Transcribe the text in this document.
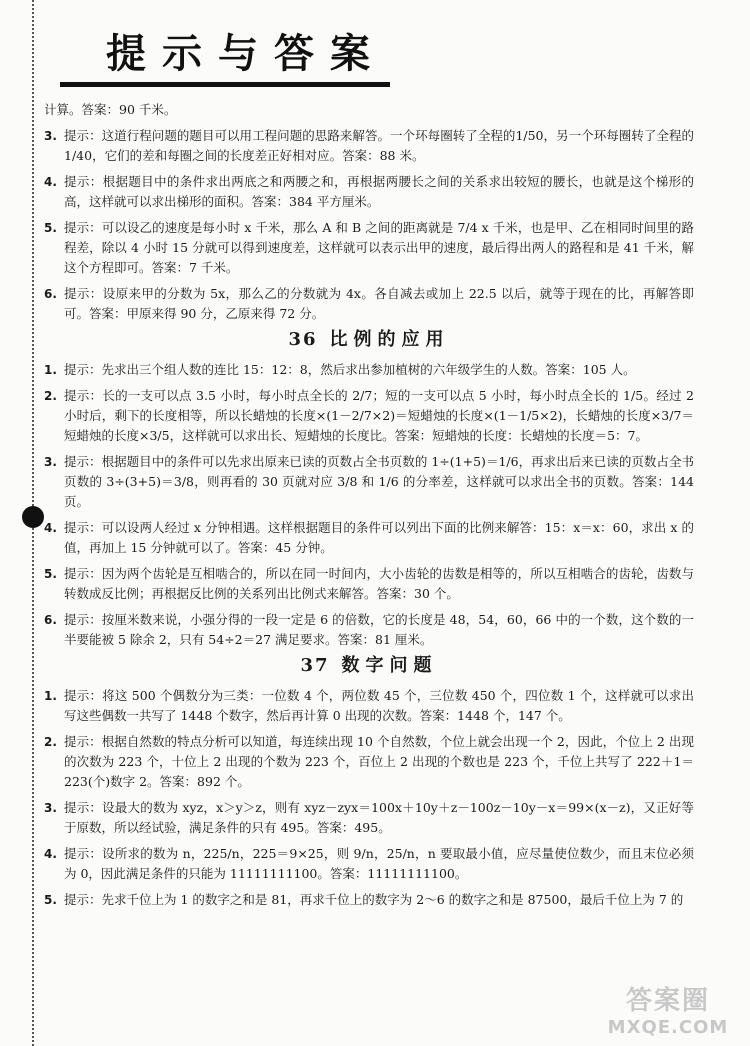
提示与答案

计算。答案：90 千米。

3. 提示：这道行程问题的题目可以用工程问题的思路来解答。一个环每圈转了全程的1/50，另一个环每圈转了全程的1/40，它们的差和每圈之间的长度差正好相对应。答案：88 米。
4. 提示：根据题目中的条件求出两底之和两腰之和，再根据两腰长之间的关系求出较短的腰长，也就是这个梯形的高，这样就可以求出梯形的面积。答案：384 平方厘米。
5. 提示：可以设乙的速度是每小时 x 千米，那么 A 和 B 之间的距离就是 7/4 x 千米，也是甲、乙在相同时间里的路程差，除以 4 小时 15 分就可以得到速度差，这样就可以表示出甲的速度，最后得出两人的路程和是 41 千米，解这个方程即可。答案：7 千米。
6. 提示：设原来甲的分数为 5x，那么乙的分数就为 4x。各自减去或加上 22.5 以后，就等于现在的比，再解答即可。答案：甲原来得 90 分，乙原来得 72 分。
36 比例的应用
1. 提示：先求出三个组人数的连比 15：12：8，然后求出参加植树的六年级学生的人数。答案：105 人。
2. 提示：长的一支可以点 3.5 小时，每小时点全长的 2/7；短的一支可以点 5 小时，每小时点全长的 1/5。经过 2 小时后，剩下的长度相等，所以长蜡烛的长度×(1－2/7×2)＝短蜡烛的长度×(1－1/5×2)，长蜡烛的长度×3/7＝短蜡烛的长度×3/5，这样就可以求出长、短蜡烛的长度比。答案：短蜡烛的长度：长蜡烛的长度＝5：7。
3. 提示：根据题目中的条件可以先求出原来已读的页数占全书页数的 1÷(1+5)＝1/6，再求出后来已读的页数占全书页数的 3÷(3+5)＝3/8，则再看的 30 页就对应 3/8 和 1/6 的分率差，这样就可以求出全书的页数。答案：144 页。
4. 提示：可以设两人经过 x 分钟相遇。这样根据题目的条件可以列出下面的比例来解答：15：x＝x：60，求出 x 的值，再加上 15 分钟就可以了。答案：45 分钟。
5. 提示：因为两个齿轮是互相啮合的，所以在同一时间内，大小齿轮的齿数是相等的，所以互相啮合的齿轮，齿数与转数成反比例；再根据反比例的关系列出比例式来解答。答案：30 个。
6. 提示：按厘米数来说，小强分得的一段一定是 6 的倍数，它的长度是 48，54，60，66 中的一个数，这个数的一半要能被 5 除余 2，只有 54÷2＝27 满足要求。答案：81 厘米。
37 数字问题
1. 提示：将这 500 个偶数分为三类：一位数 4 个，两位数 45 个，三位数 450 个，四位数 1 个，这样就可以求出写这些偶数一共写了 1448 个数字，然后再计算 0 出现的次数。答案：1448 个，147 个。
2. 提示：根据自然数的特点分析可以知道，每连续出现 10 个自然数，个位上就会出现一个 2，因此，个位上 2 出现的次数为 223 个，十位上 2 出现的个数为 223 个，百位上 2 出现的个数也是 223 个，千位上共写了 222＋1＝223(个)数字 2。答案：892 个。
3. 提示：设最大的数为 xyz，x＞y＞z，则有 xyz－zyx＝100x＋10y＋z－100z－10y－x＝99×(x－z)，又正好等于原数，所以经试验，满足条件的只有 495。答案：495。
4. 提示：设所求的数为 n，225/n，225＝9×25，则 9/n，25/n，n 要取最小值，应尽量使位数少，而且末位必须为 0，因此满足条件的只能为 11111111100。答案：11111111100。
5. 提示：先求千位上为 1 的数字之和是 81，再求千位上的数字为 2～6 的数字之和是 87500，最后千位上为 7 的
答案圈
MXQE.COM
